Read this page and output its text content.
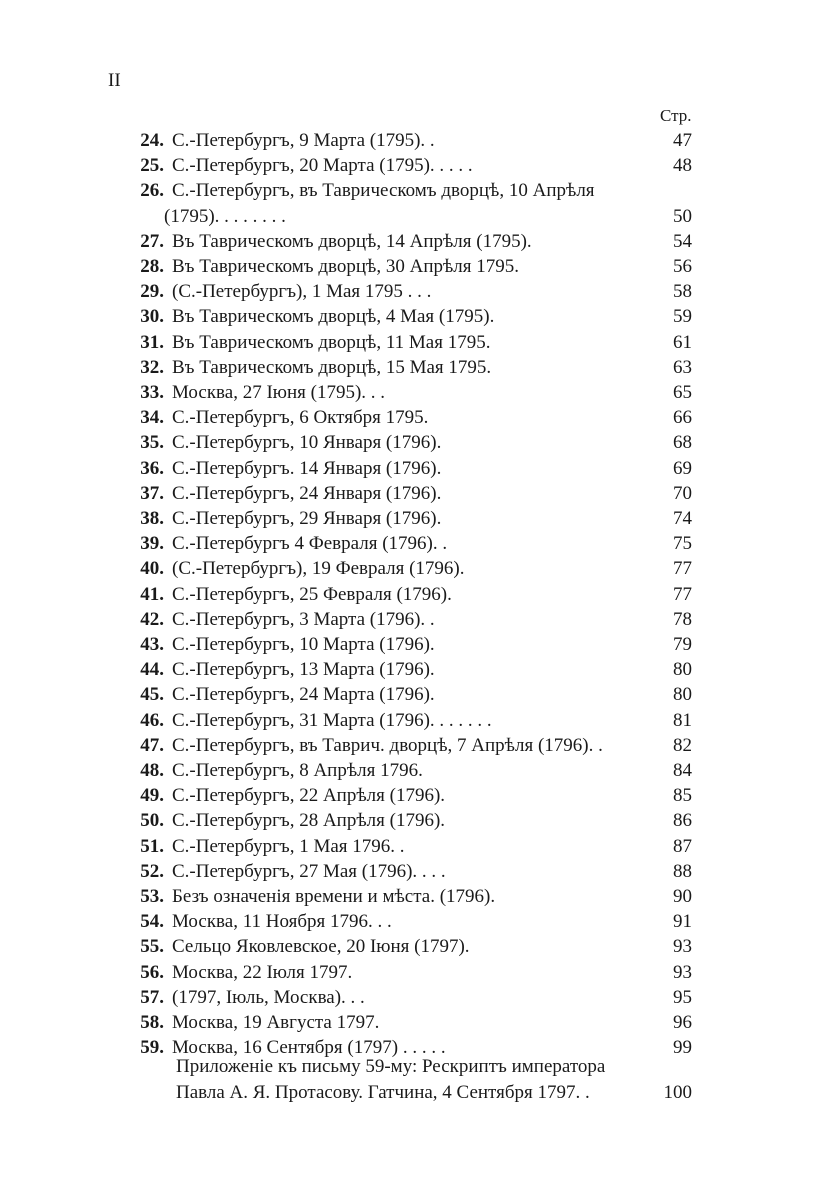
II
Стр.
24. С.-Петербургъ, 9 Марта (1795). .	47
25. С.-Петербургъ, 20 Марта (1795). . . . .	48
26. С.-Петербургъ, въ Таврическомъ дворцѣ, 10 Апрѣля
(1795). . . . . . . .	50
27. Въ Таврическомъ дворцѣ, 14 Апрѣля (1795).	54
28. Въ Таврическомъ дворцѣ, 30 Апрѣля 1795.	56
29. (С.-Петербургъ), 1 Мая 1795 . . .	58
30. Въ Таврическомъ дворцѣ, 4 Мая (1795).	59
31. Въ Таврическомъ дворцѣ, 11 Мая 1795.	61
32. Въ Таврическомъ дворцѣ, 15 Мая 1795.	63
33. Москва, 27 Іюня (1795). . .	65
34. С.-Петербургъ, 6 Октября 1795.	66
35. С.-Петербургъ, 10 Января (1796).	68
36. С.-Петербургъ. 14 Января (1796).	69
37. С.-Петербургъ, 24 Января (1796).	70
38. С.-Петербургъ, 29 Января (1796).	74
39. С.-Петербургъ 4 Февраля (1796). .	75
40. (С.-Петербургъ), 19 Февраля (1796).	77
41. С.-Петербургъ, 25 Февраля (1796).	77
42. С.-Петербургъ, 3 Марта (1796). .	78
43. С.-Петербургъ, 10 Марта (1796).	79
44. С.-Петербургъ, 13 Марта (1796).	80
45. С.-Петербургъ, 24 Марта (1796).	80
46. С.-Петербургъ, 31 Марта (1796). . . . . . .	81
47. С.-Петербургъ, въ Таврич. дворцѣ, 7 Апрѣля (1796). .	82
48. С.-Петербургъ, 8 Апрѣля 1796.	84
49. С.-Петербургъ, 22 Апрѣля (1796).	85
50. С.-Петербургъ, 28 Апрѣля (1796).	86
51. С.-Петербургъ, 1 Мая 1796. .	87
52. С.-Петербургъ, 27 Мая (1796). . . .	88
53. Безъ означенія времени и мѣста. (1796).	90
54. Москва, 11 Ноября 1796. . .	91
55. Сельцо Яковлевское, 20 Іюня (1797).	93
56. Москва, 22 Іюля 1797.	93
57. (1797, Іюль, Москва). . .	95
58. Москва, 19 Августа 1797.	96
59. Москва, 16 Сентября (1797) . . . . .	99
Приложеніе къ письму 59-му: Рескриптъ императора
Павла А. Я. Протасову. Гатчина, 4 Сентября 1797. .	100
